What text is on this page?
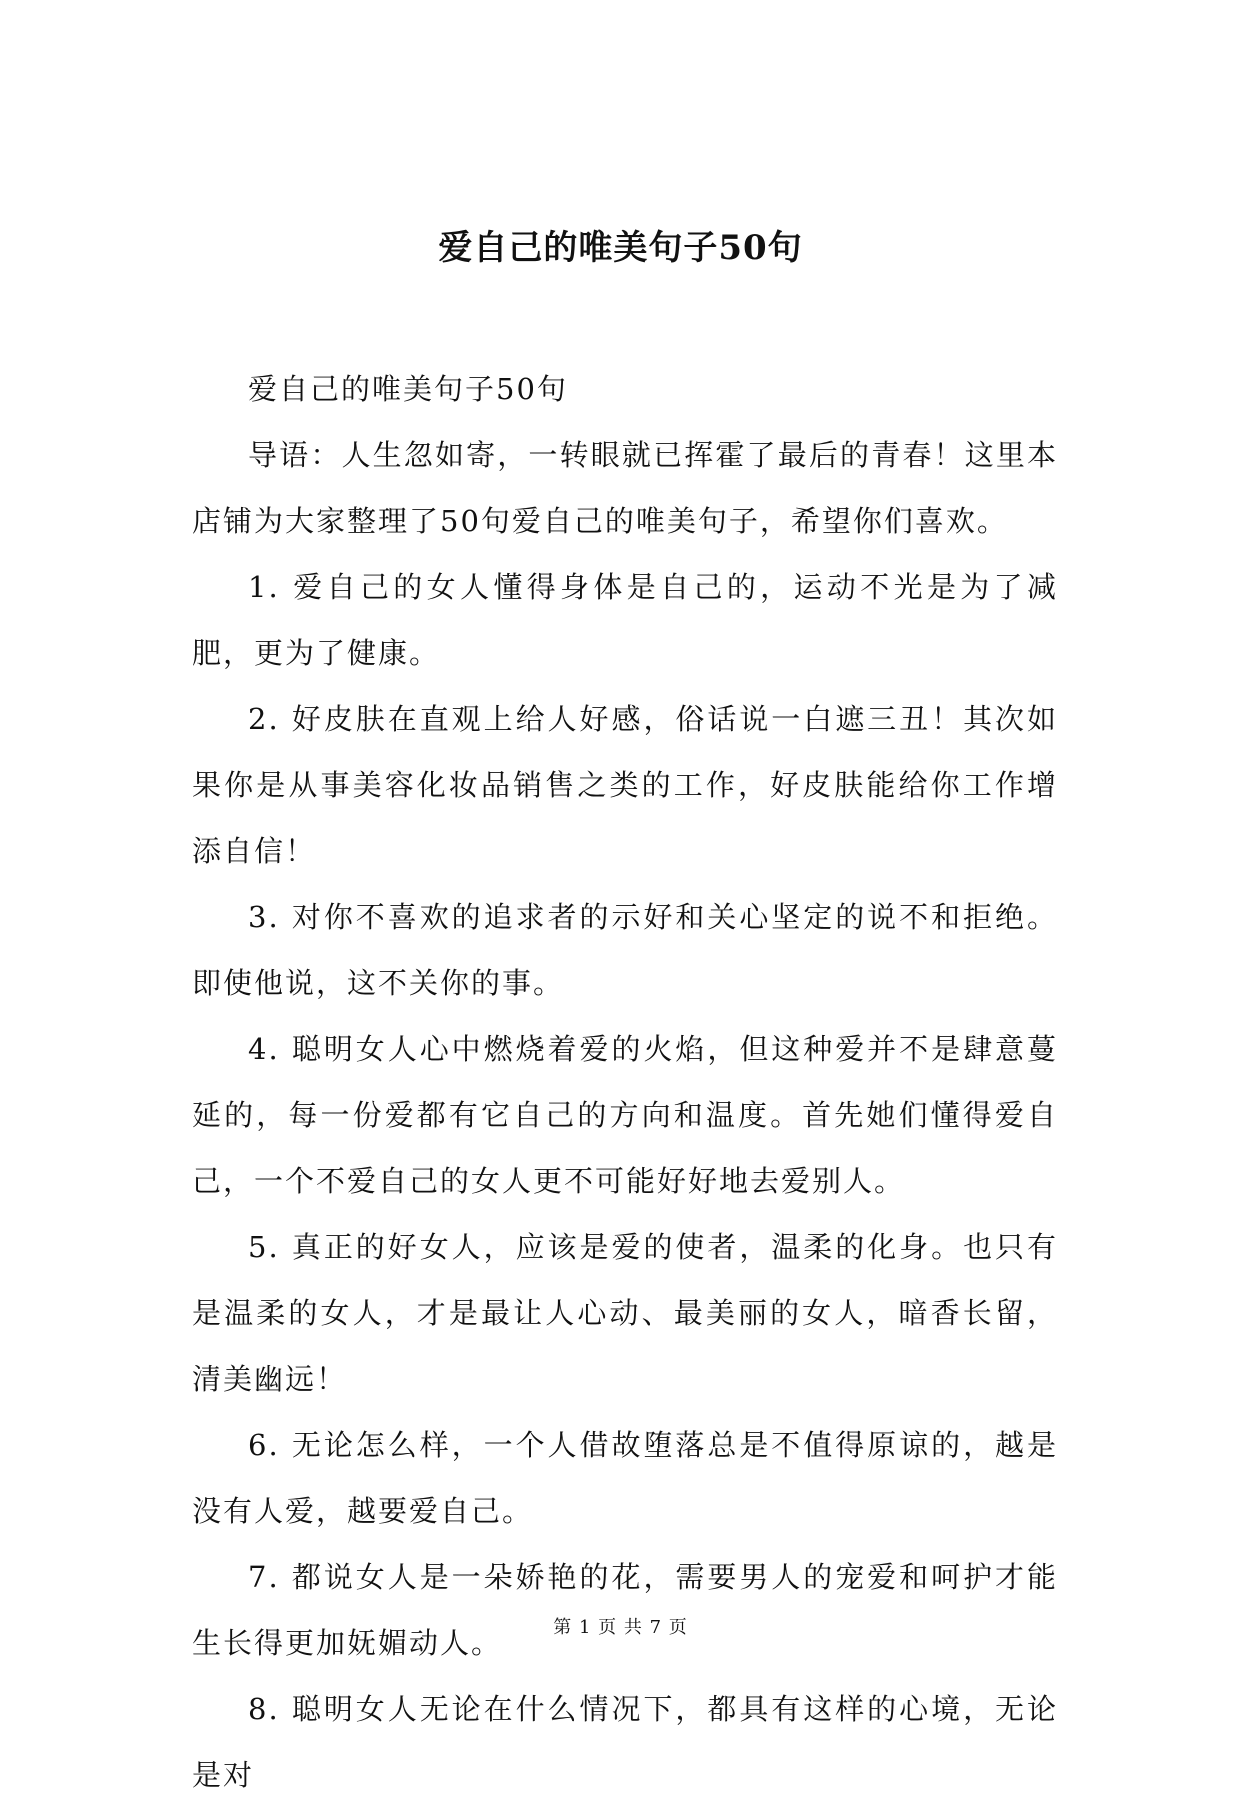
爱自己的唯美句子50句

爱自己的唯美句子50句

导语：人生忽如寄，一转眼就已挥霍了最后的青春！这里本店铺为大家整理了50句爱自己的唯美句子，希望你们喜欢。

1. 爱自己的女人懂得身体是自己的，运动不光是为了减肥，更为了健康。

2. 好皮肤在直观上给人好感，俗话说一白遮三丑！其次如果你是从事美容化妆品销售之类的工作，好皮肤能给你工作增添自信！

3. 对你不喜欢的追求者的示好和关心坚定的说不和拒绝。即使他说，这不关你的事。

4. 聪明女人心中燃烧着爱的火焰，但这种爱并不是肆意蔓延的，每一份爱都有它自己的方向和温度。首先她们懂得爱自己，一个不爱自己的女人更不可能好好地去爱别人。

5. 真正的好女人，应该是爱的使者，温柔的化身。也只有是温柔的女人，才是最让人心动、最美丽的女人，暗香长留，清美幽远！

6. 无论怎么样，一个人借故堕落总是不值得原谅的，越是没有人爱，越要爱自己。

7. 都说女人是一朵娇艳的花，需要男人的宠爱和呵护才能生长得更加妩媚动人。

8. 聪明女人无论在什么情况下，都具有这样的心境，无论是对

第 1 页 共 7 页
